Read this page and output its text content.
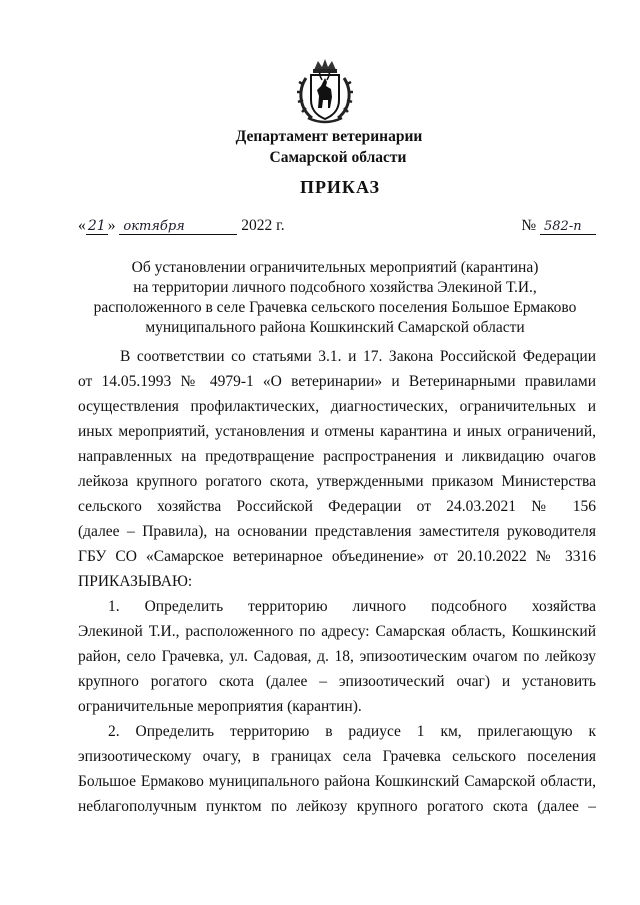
Департамент ветеринарии
Самарской области
ПРИКАЗ
« 21 » октября	2022 г.	№ 582-п
Об установлении ограничительных мероприятий (карантина)
на территории личного подсобного хозяйства Элекиной Т.И.,
расположенного в селе Грачевка сельского поселения Большое Ермаково
муниципального района Кошкинский Самарской области
В соответствии со статьями 3.1. и 17. Закона Российской Федерации
от 14.05.1993 № 4979-1 «О ветеринарии» и Ветеринарными правилами
осуществления профилактических, диагностических, ограничительных и
иных мероприятий, установления и отмены карантина и иных ограничений,
направленных на предотвращение распространения и ликвидацию очагов
лейкоза крупного рогатого скота, утвержденными приказом Министерства
сельского хозяйства Российской Федерации от 24.03.2021 № 156
(далее – Правила), на основании представления заместителя руководителя
ГБУ СО «Самарское ветеринарное объединение» от 20.10.2022 № 3316
ПРИКАЗЫВАЮ:
1. Определить территорию личного подсобного хозяйства
Элекиной Т.И., расположенного по адресу: Самарская область, Кошкинский
район, село Грачевка, ул. Садовая, д. 18, эпизоотическим очагом по лейкозу
крупного рогатого скота (далее – эпизоотический очаг) и установить
ограничительные мероприятия (карантин).
2. Определить территорию в радиусе 1 км, прилегающую к
эпизоотическому очагу, в границах села Грачевка сельского поселения
Большое Ермаково муниципального района Кошкинский Самарской области,
неблагополучным пунктом по лейкозу крупного рогатого скота (далее –
